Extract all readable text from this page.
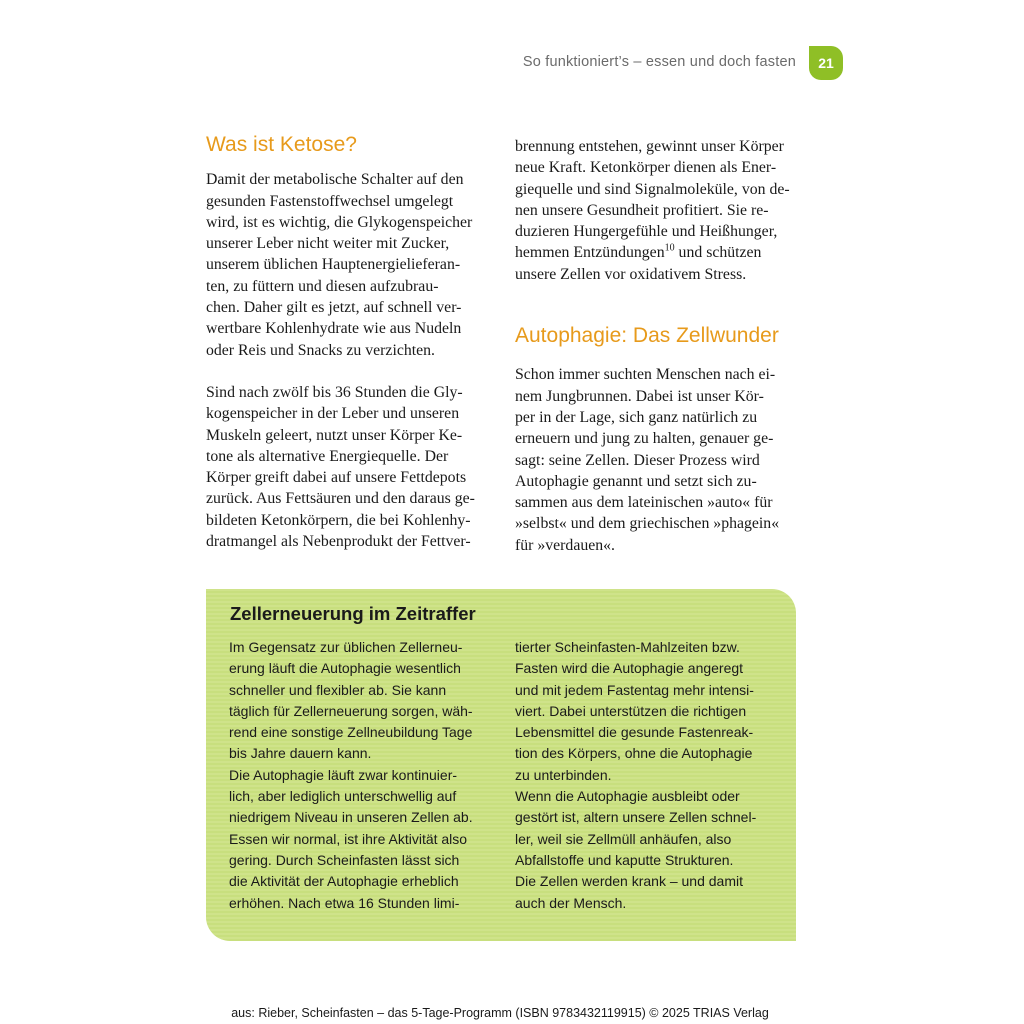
So funktioniert’s – essen und doch fasten	21
Was ist Ketose?

Damit der metabolische Schalter auf den
gesunden Fastenstoffwechsel umgelegt
wird, ist es wichtig, die Glykogenspeicher
unserer Leber nicht weiter mit Zucker,
unserem üblichen Hauptenergielieferan-
ten, zu füttern und diesen aufzubrau-
chen. Daher gilt es jetzt, auf schnell ver-
wertbare Kohlenhydrate wie aus Nudeln
oder Reis und Snacks zu verzichten.

Sind nach zwölf bis 36 Stunden die Gly-
kogenspeicher in der Leber und unseren
Muskeln geleert, nutzt unser Körper Ke-
tone als alternative Energiequelle. Der
Körper greift dabei auf unsere Fettdepots
zurück. Aus Fettsäuren und den daraus ge-
bildeten Ketonkörpern, die bei Kohlenhy-
dratmangel als Nebenprodukt der Fettver-

brennung entstehen, gewinnt unser Körper
neue Kraft. Ketonkörper dienen als Ener-
giequelle und sind Signalmoleküle, von de-
nen unsere Gesundheit profitiert. Sie re-
duzieren Hungergefühle und Heißhunger,
hemmen Entzündungen$^{10}$ und schützen
unsere Zellen vor oxidativem Stress.

Autophagie: Das Zellwunder

Schon immer suchten Menschen nach ei-
nem Jungbrunnen. Dabei ist unser Kör-
per in der Lage, sich ganz natürlich zu
erneuern und jung zu halten, genauer ge-
sagt: seine Zellen. Dieser Prozess wird
Autophagie genannt und setzt sich zu-
sammen aus dem lateinischen »auto« für
»selbst« und dem griechischen »phagein«
für »verdauen«.

Zellerneuerung im Zeitraffer

Im Gegensatz zur üblichen Zellerneu-
erung läuft die Autophagie wesentlich
schneller und flexibler ab. Sie kann
täglich für Zellerneuerung sorgen, wäh-
rend eine sonstige Zellneubildung Tage
bis Jahre dauern kann.

Die Autophagie läuft zwar kontinuier-
lich, aber lediglich unterschwellig auf
niedrigem Niveau in unseren Zellen ab.
Essen wir normal, ist ihre Aktivität also
gering. Durch Scheinfasten lässt sich
die Aktivität der Autophagie erheblich
erhöhen. Nach etwa 16 Stunden limi-

tierter Scheinfasten-Mahlzeiten bzw.
Fasten wird die Autophagie angeregt
und mit jedem Fastentag mehr intensi-
viert. Dabei unterstützen die richtigen
Lebensmittel die gesunde Fastenreak-
tion des Körpers, ohne die Autophagie
zu unterbinden.

Wenn die Autophagie ausbleibt oder
gestört ist, altern unsere Zellen schnel-
ler, weil sie Zellmüll anhäufen, also
Abfallstoffe und kaputte Strukturen.
Die Zellen werden krank – und damit
auch der Mensch.

aus: Rieber, Scheinfasten – das 5-Tage-Programm (ISBN 9783432119915) © 2025 TRIAS Verlag
